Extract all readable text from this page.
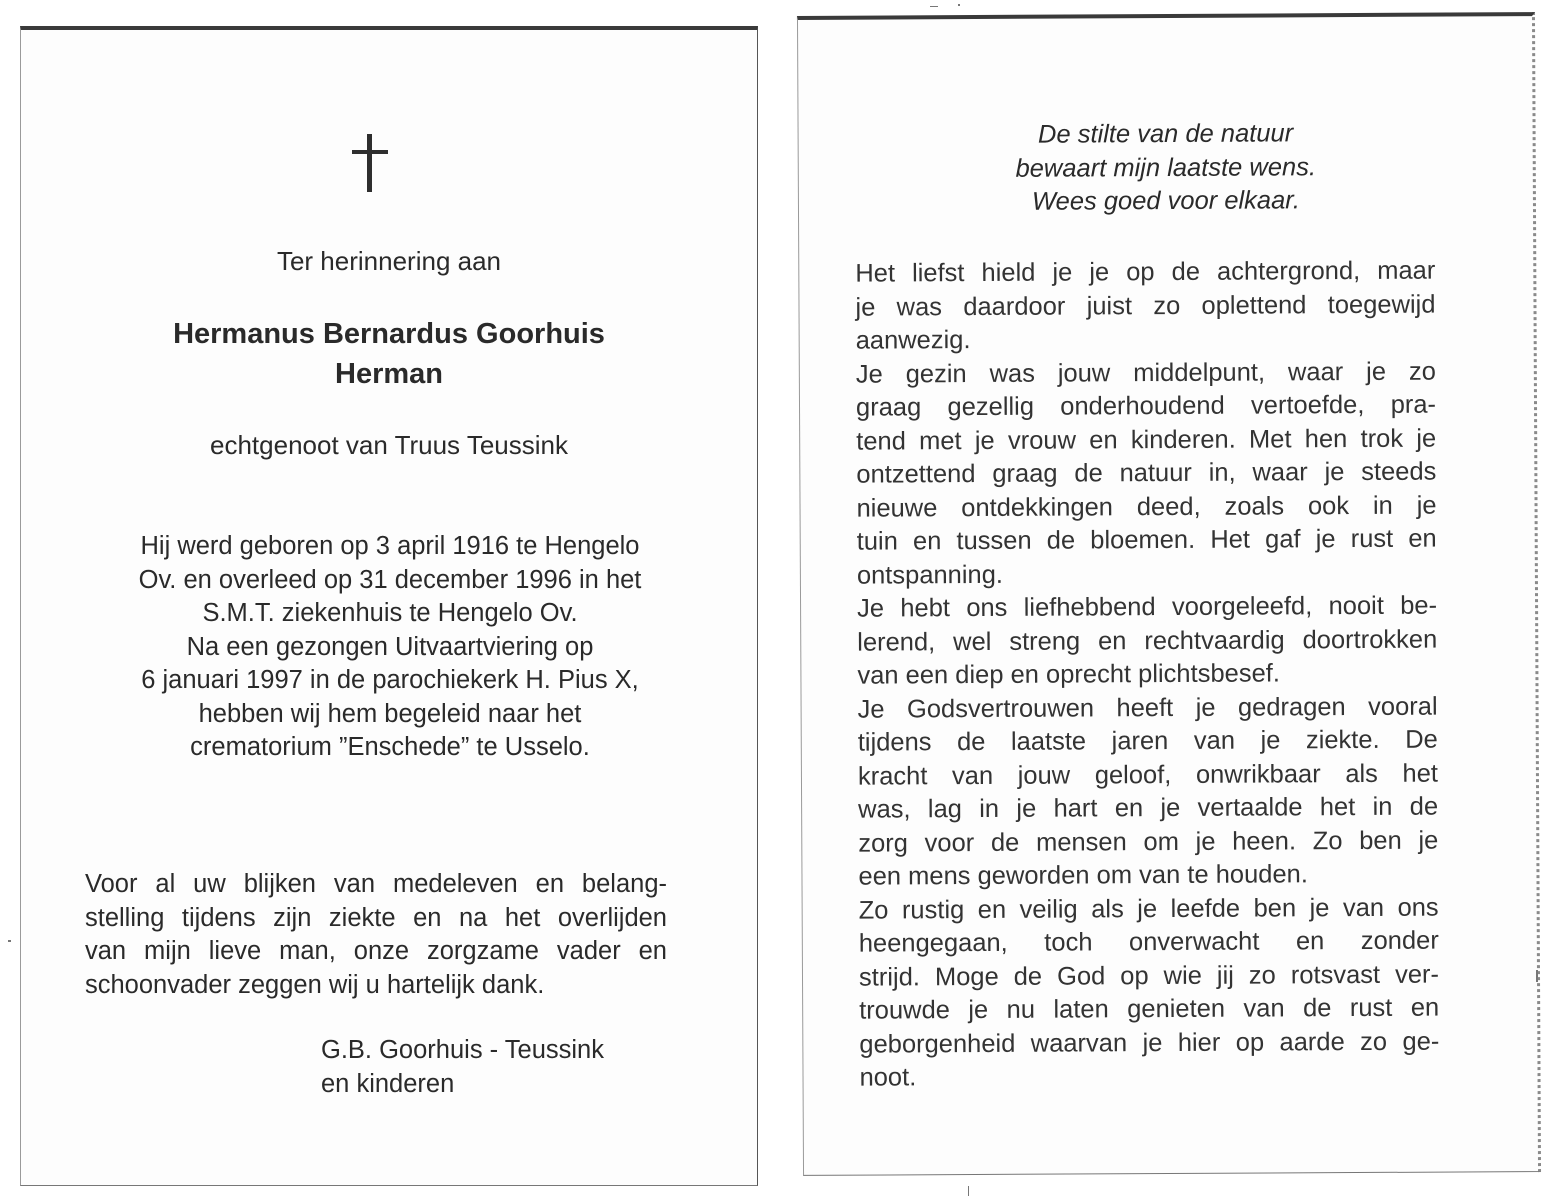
Ter herinnering aan
Hermanus Bernardus Goorhuis
Herman
echtgenoot van Truus Teussink
Hij werd geboren op 3 april 1916 te Hengelo
Ov. en overleed op 31 december 1996 in het
S.M.T. ziekenhuis te Hengelo Ov.
Na een gezongen Uitvaartviering op
6 januari 1997 in de parochiekerk H. Pius X,
hebben wij hem begeleid naar het
crematorium ”Enschede” te Usselo.
Voor al uw blijken van medeleven en belang-
stelling tijdens zijn ziekte en na het overlijden
van mijn lieve man, onze zorgzame vader en
schoonvader zeggen wij u hartelijk dank.
G.B. Goorhuis - Teussink
en kinderen
De stilte van de natuur
bewaart mijn laatste wens.
Wees goed voor elkaar.
Het liefst hield je je op de achtergrond, maar
je was daardoor juist zo oplettend toegewijd
aanwezig.
Je gezin was jouw middelpunt, waar je zo
graag gezellig onderhoudend vertoefde, pra-
tend met je vrouw en kinderen. Met hen trok je
ontzettend graag de natuur in, waar je steeds
nieuwe ontdekkingen deed, zoals ook in je
tuin en tussen de bloemen. Het gaf je rust en
ontspanning.
Je hebt ons liefhebbend voorgeleefd, nooit be-
lerend, wel streng en rechtvaardig doortrokken
van een diep en oprecht plichtsbesef.
Je Godsvertrouwen heeft je gedragen vooral
tijdens de laatste jaren van je ziekte. De
kracht van jouw geloof, onwrikbaar als het
was, lag in je hart en je vertaalde het in de
zorg voor de mensen om je heen. Zo ben je
een mens geworden om van te houden.
Zo rustig en veilig als je leefde ben je van ons
heengegaan, toch onverwacht en zonder
strijd. Moge de God op wie jij zo rotsvast ver-
trouwde je nu laten genieten van de rust en
geborgenheid waarvan je hier op aarde zo ge-
noot.
